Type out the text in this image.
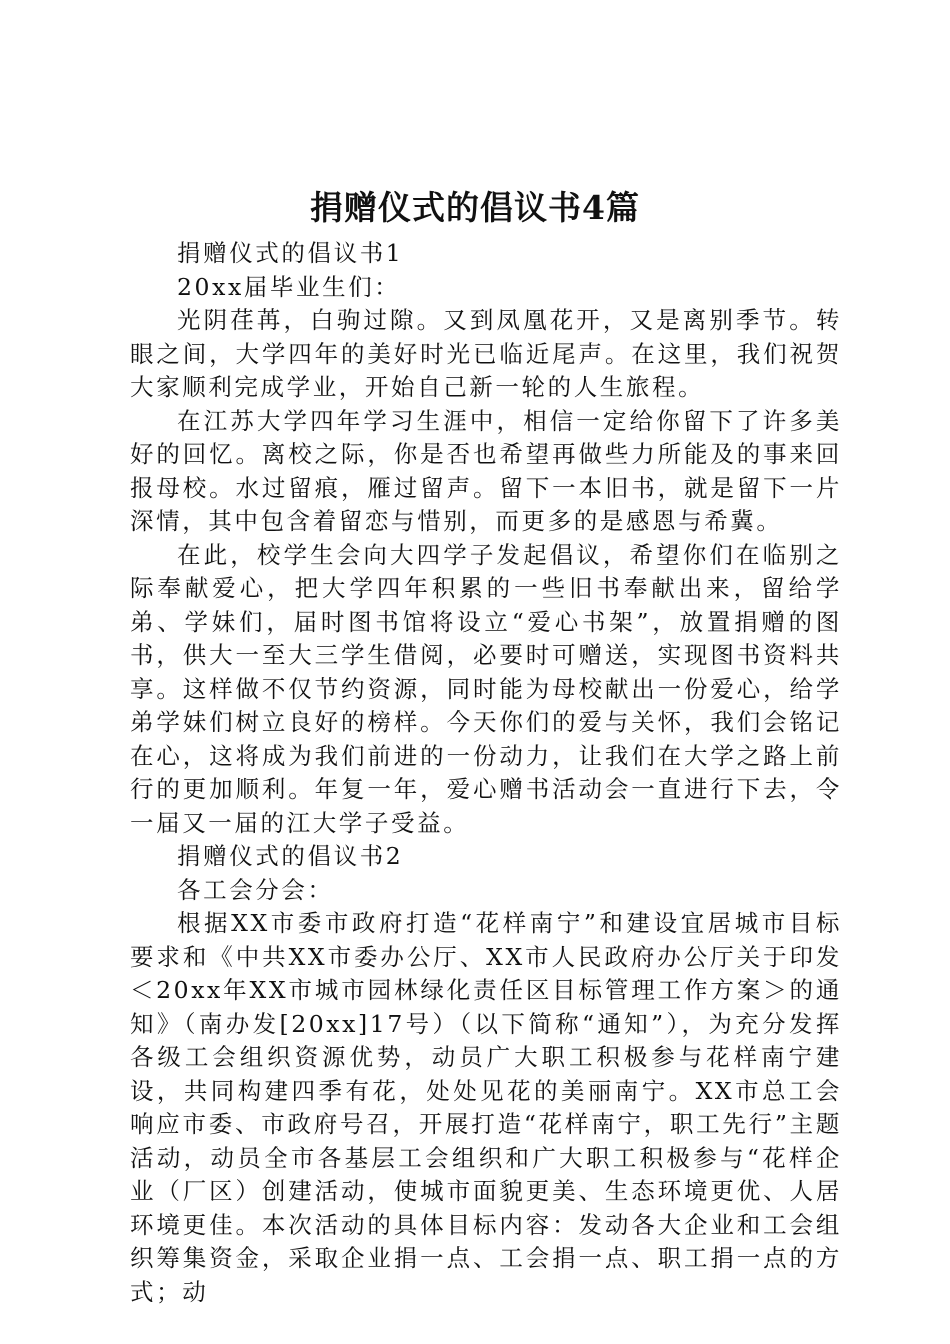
捐赠仪式的倡议书4篇

捐赠仪式的倡议书1

20xx届毕业生们：

光阴荏苒，白驹过隙。又到凤凰花开，又是离别季节。转眼之间，大学四年的美好时光已临近尾声。在这里，我们祝贺大家顺利完成学业，开始自己新一轮的人生旅程。

在江苏大学四年学习生涯中，相信一定给你留下了许多美好的回忆。离校之际，你是否也希望再做些力所能及的事来回报母校。水过留痕，雁过留声。留下一本旧书，就是留下一片深情，其中包含着留恋与惜别，而更多的是感恩与希冀。

在此，校学生会向大四学子发起倡议，希望你们在临别之际奉献爱心，把大学四年积累的一些旧书奉献出来，留给学弟、学妹们，届时图书馆将设立“爱心书架”，放置捐赠的图书，供大一至大三学生借阅，必要时可赠送，实现图书资料共享。这样做不仅节约资源，同时能为母校献出一份爱心，给学弟学妹们树立良好的榜样。今天你们的爱与关怀，我们会铭记在心，这将成为我们前进的一份动力，让我们在大学之路上前行的更加顺利。年复一年，爱心赠书活动会一直进行下去，令一届又一届的江大学子受益。

捐赠仪式的倡议书2

各工会分会：

根据XX市委市政府打造“花样南宁”和建设宜居城市目标要求和《中共XX市委办公厅、XX市人民政府办公厅关于印发＜20xx年XX市城市园林绿化责任区目标管理工作方案＞的通知》（南办发[20xx]17号）（以下简称“通知”），为充分发挥各级工会组织资源优势，动员广大职工积极参与花样南宁建设，共同构建四季有花，处处见花的美丽南宁。XX市总工会响应市委、市政府号召，开展打造“花样南宁，职工先行”主题活动，动员全市各基层工会组织和广大职工积极参与“花样企业（厂区）创建活动，使城市面貌更美、生态环境更优、人居环境更佳。本次活动的具体目标内容：发动各大企业和工会组织筹集资金，采取企业捐一点、工会捐一点、职工捐一点的方式；动
